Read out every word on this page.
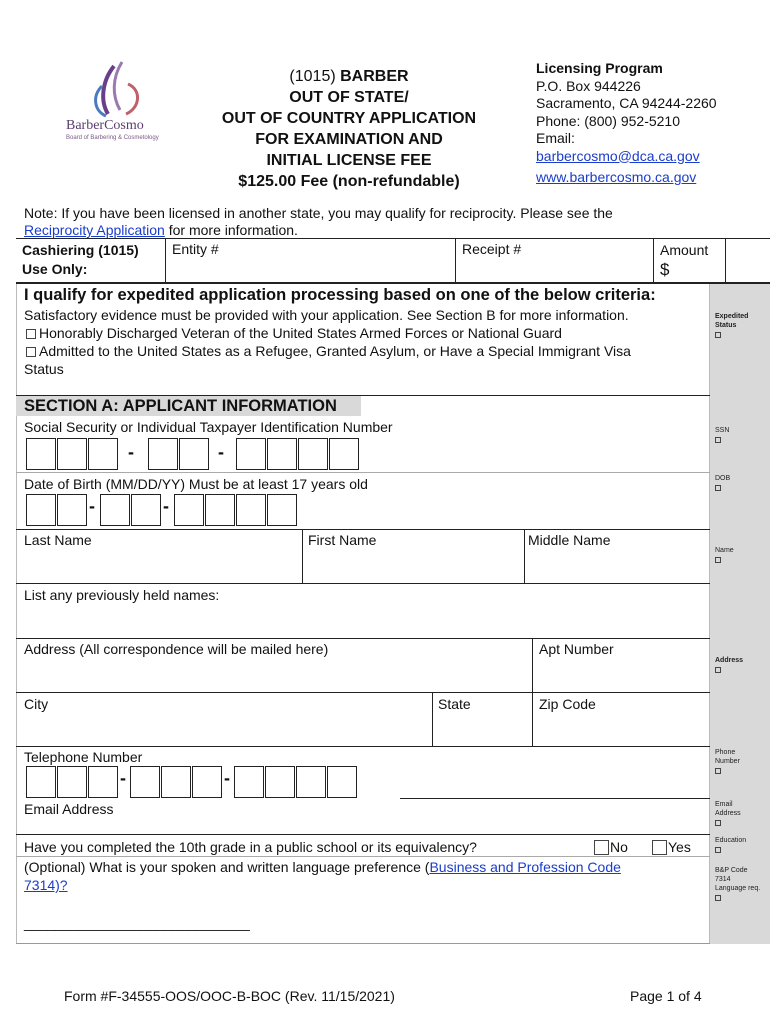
BarberCosmo
Board of Barbering & Cosmetology
(1015) BARBER
OUT OF STATE/
OUT OF COUNTRY APPLICATION
FOR EXAMINATION AND
INITIAL LICENSE FEE
$125.00 Fee (non-refundable)
Licensing Program
P.O. Box 944226
Sacramento, CA 94244-2260
Phone: (800) 952-5210
Email:
barbercosmo@dca.ca.gov
www.barbercosmo.ca.gov
Note: If you have been licensed in another state, you may qualify for reciprocity. Please see the
Reciprocity Application for more information.
Cashiering (1015)
Use Only:
Entity #	Receipt #	Amount
$
Expedited
Status

SSN

DOB

Name

Address

Phone
Number

Email
Address

Education

B&P Code
7314
Language req.

I qualify for expedited application processing based on one of the below criteria:
Satisfactory evidence must be provided with your application. See Section B for more information.
Honorably Discharged Veteran of the United States Armed Forces or National Guard
Admitted to the United States as a Refugee, Granted Asylum, or Have a Special Immigrant Visa
Status
SECTION A: APPLICANT INFORMATION
Social Security or Individual Taxpayer Identification Number
-	-
Date of Birth (MM/DD/YY) Must be at least 17 years old
-	-
Last Name	First Name	Middle Name
List any previously held names:
Address (All correspondence will be mailed here)	Apt Number
City	State	Zip Code
Telephone Number
-	-
Email Address
Have you completed the 10th grade in a public school or its equivalency?	No	Yes
(Optional) What is your spoken and written language preference (Business and Profession Code
7314)?
_____________________________
Form #F-34555-OOS/OOC-B-BOC (Rev. 11/15/2021)	Page 1 of 4
